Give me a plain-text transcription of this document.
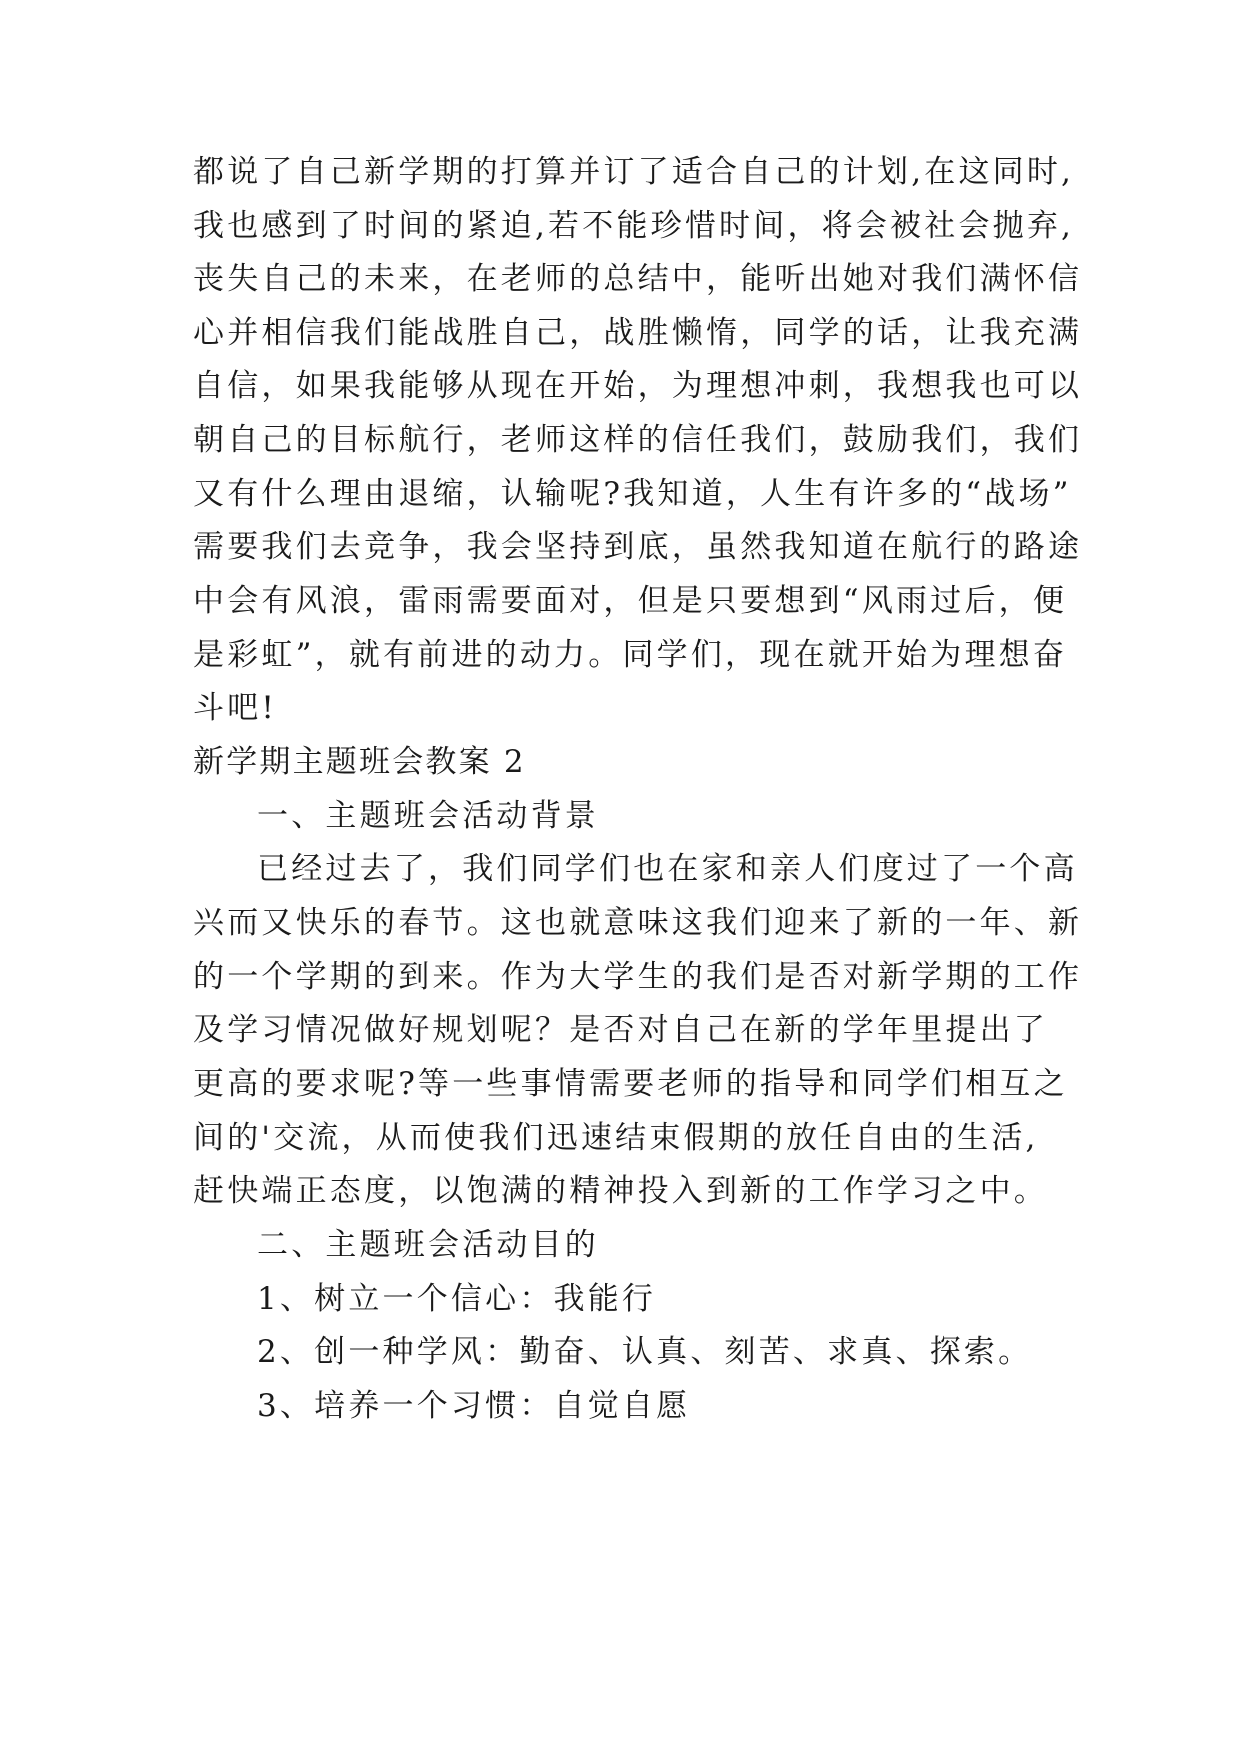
都说了自己新学期的打算并订了适合自己的计划,在这同时,
我也感到了时间的紧迫,若不能珍惜时间，将会被社会抛弃,
丧失自己的未来，在老师的总结中，能听出她对我们满怀信
心并相信我们能战胜自己，战胜懒惰，同学的话，让我充满
自信，如果我能够从现在开始，为理想冲刺，我想我也可以
朝自己的目标航行，老师这样的信任我们，鼓励我们，我们
又有什么理由退缩，认输呢?我知道，人生有许多的“战场”
需要我们去竞争，我会坚持到底，虽然我知道在航行的路途
中会有风浪，雷雨需要面对，但是只要想到“风雨过后，便
是彩虹”，就有前进的动力。同学们，现在就开始为理想奋
斗吧!
新学期主题班会教案 2
一、主题班会活动背景
已经过去了，我们同学们也在家和亲人们度过了一个高
兴而又快乐的春节。这也就意味这我们迎来了新的一年、新
的一个学期的到来。作为大学生的我们是否对新学期的工作
及学习情况做好规划呢？是否对自己在新的学年里提出了
更高的要求呢?等一些事情需要老师的指导和同学们相互之
间的'交流，从而使我们迅速结束假期的放任自由的生活,
赶快端正态度，以饱满的精神投入到新的工作学习之中。
二、主题班会活动目的
1、树立一个信心：我能行
2、创一种学风：勤奋、认真、刻苦、求真、探索。
3、培养一个习惯：自觉自愿
